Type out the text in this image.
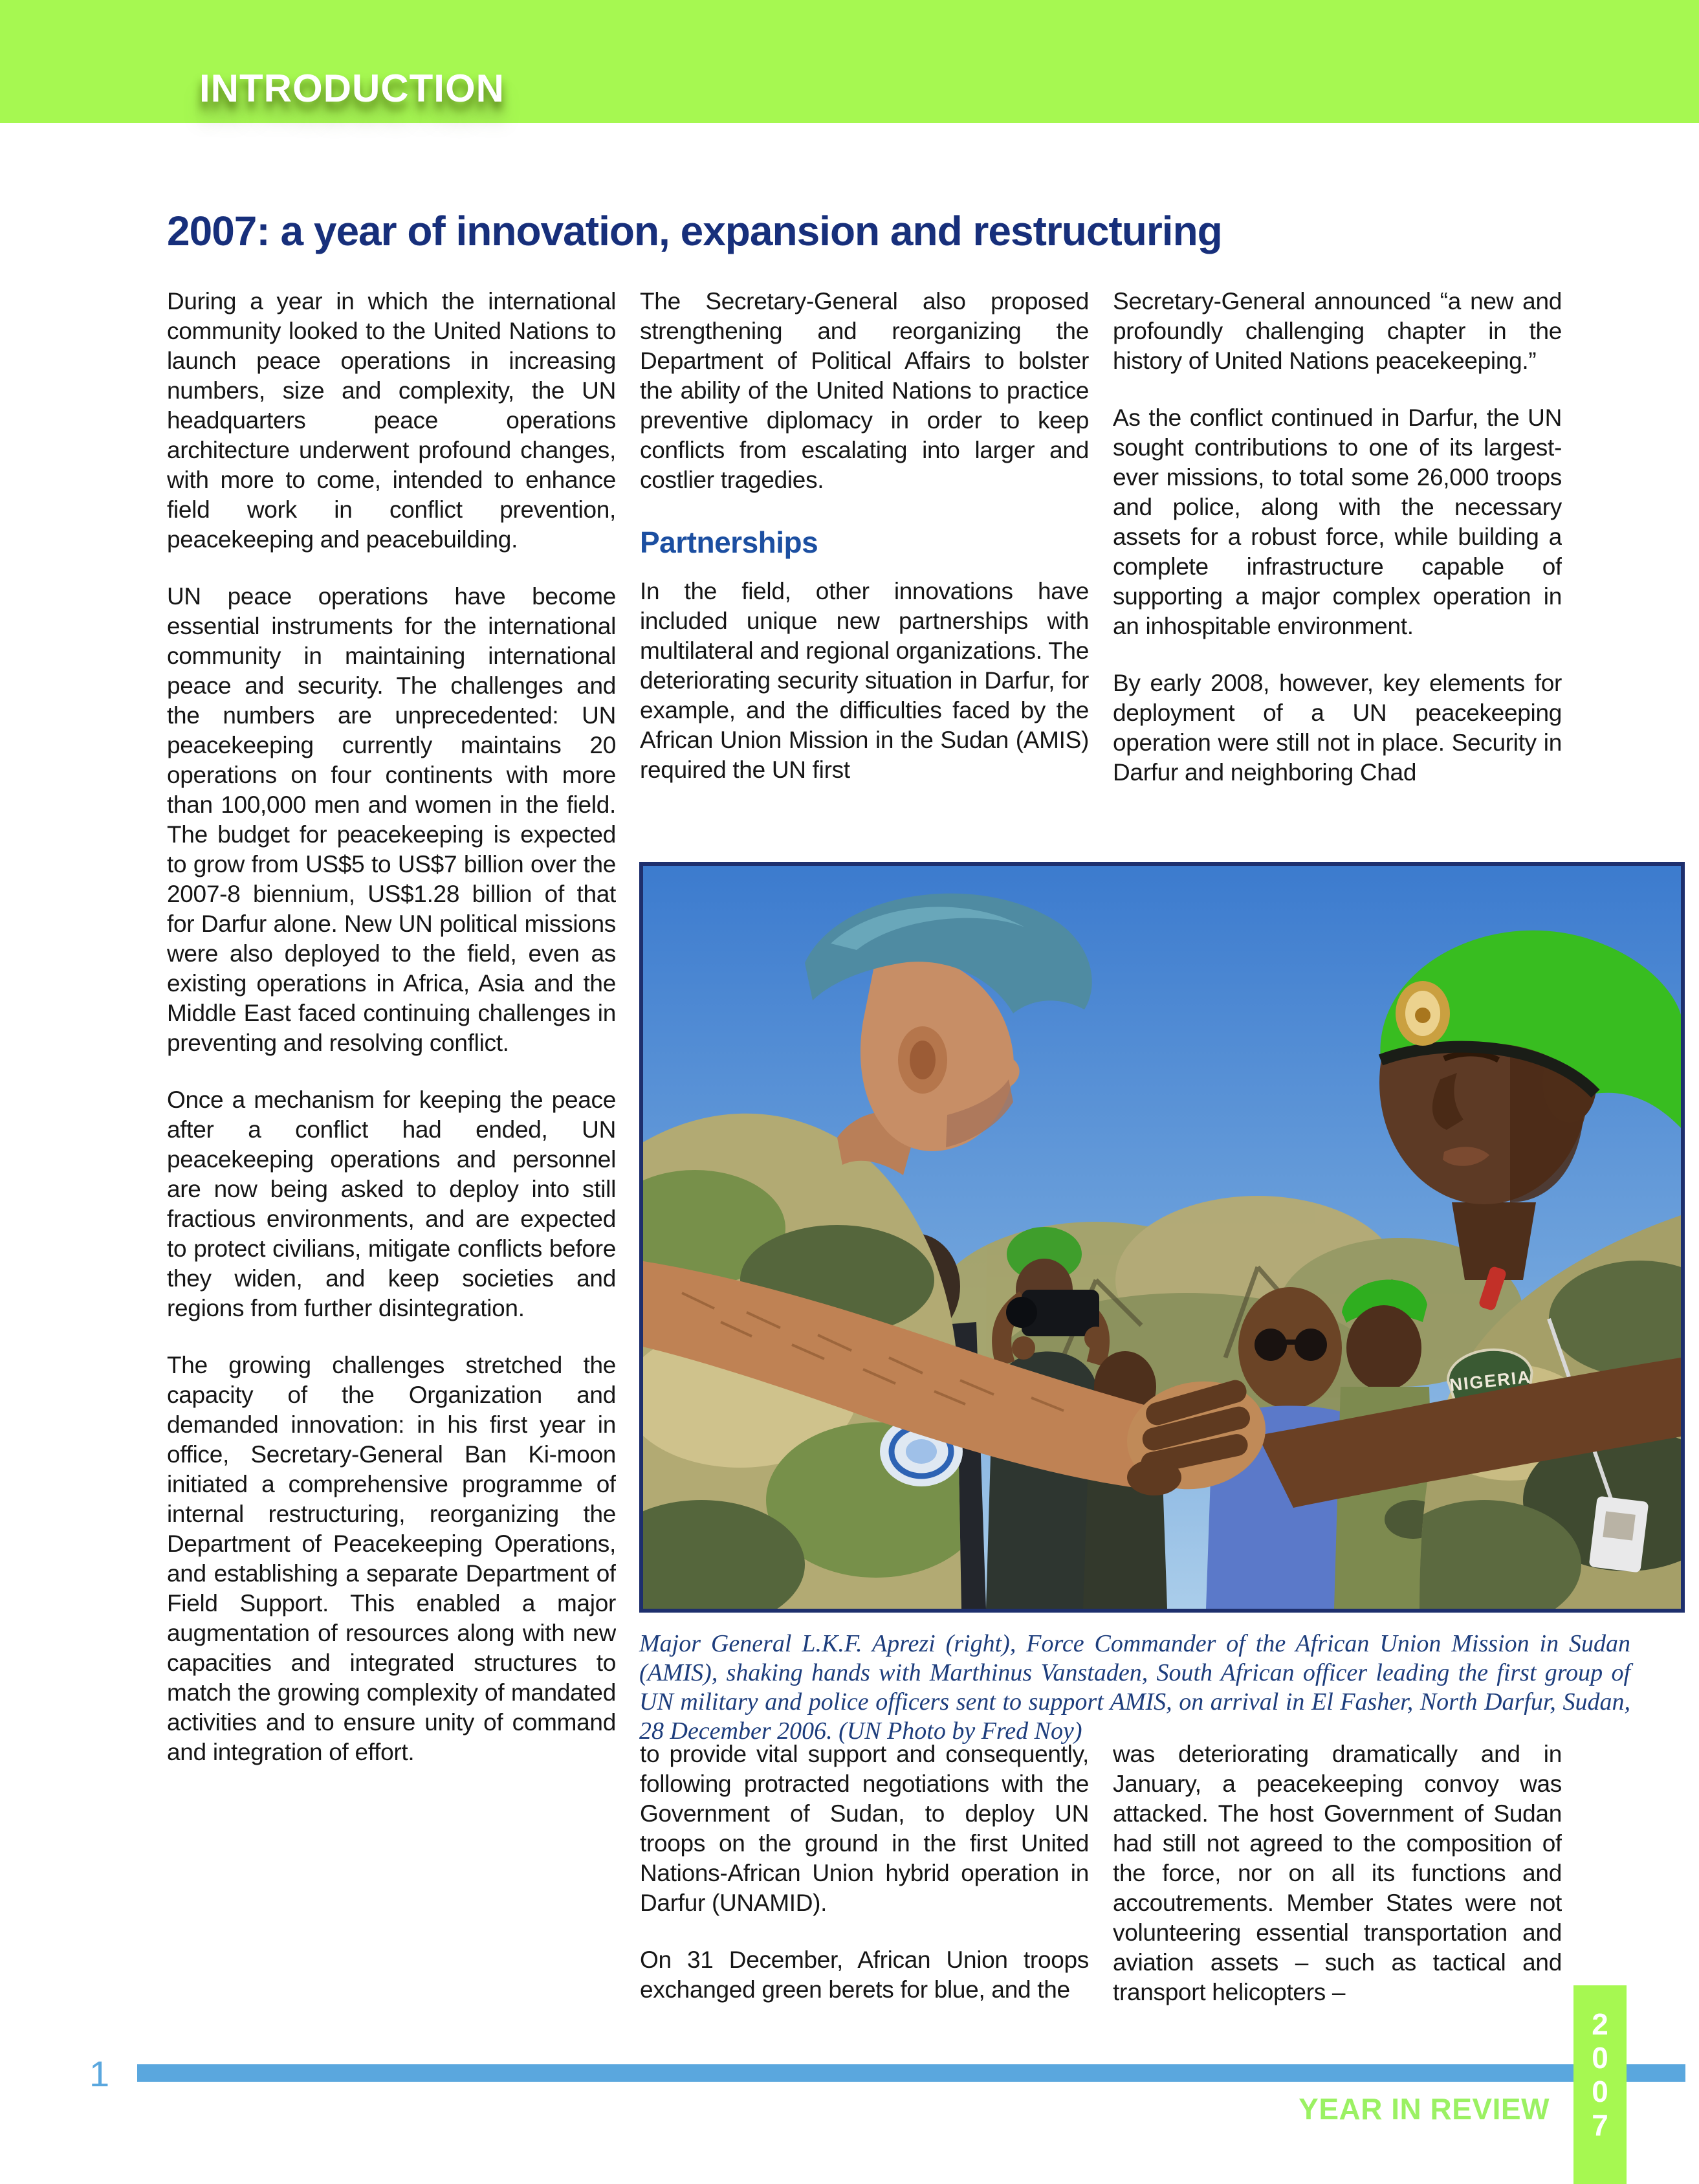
INTRODUCTION
2007: a year of innovation, expansion and restructuring

During a year in which the international community looked to the United Nations to launch peace operations in increasing numbers, size and complexity, the UN headquarters peace operations architecture underwent profound changes, with more to come, intended to enhance field work in conflict prevention, peacekeeping and peacebuilding.

UN peace operations have become essential instruments for the international community in maintaining international peace and security. The challenges and the numbers are unprecedented: UN peacekeeping currently maintains 20 operations on four continents with more than 100,000 men and women in the field. The budget for peacekeeping is expected to grow from US$5 to US$7 billion over the 2007-8 biennium, US$1.28 billion of that for Darfur alone. New UN political missions were also deployed to the field, even as existing operations in Africa, Asia and the Middle East faced continuing challenges in preventing and resolving conflict.

Once a mechanism for keeping the peace after a conflict had ended, UN peacekeeping operations and personnel are now being asked to deploy into still fractious environments, and are expected to protect civilians, mitigate conflicts before they widen, and keep societies and regions from further disintegration.

The growing challenges stretched the capacity of the Organization and demanded innovation: in his first year in office, Secretary-General Ban Ki-moon initiated a comprehensive programme of internal restructuring, reorganizing the Department of Peacekeeping Operations, and establishing a separate Department of Field Support. This enabled a major augmentation of resources along with new capacities and integrated structures to match the growing complexity of mandated activities and to ensure unity of command and integration of effort.

The Secretary-General also proposed strengthening and reorganizing the Department of Political Affairs to bolster the ability of the United Nations to practice preventive diplomacy in order to keep conflicts from escalating into larger and costlier tragedies.

Partnerships

In the field, other innovations have included unique new partnerships with multilateral and regional organizations. The deteriorating security situation in Darfur, for example, and the difficulties faced by the African Union Mission in the Sudan (AMIS) required the UN first

Secretary-General announced “a new and profoundly challenging chapter in the history of United Nations peacekeeping.”

As the conflict continued in Darfur, the UN sought contributions to one of its largest-ever missions, to total some 26,000 troops and police, along with the necessary assets for a robust force, while building a complete infrastructure capable of supporting a major complex operation in an inhospitable environment.

By early 2008, however, key elements for deployment of a UN peacekeeping operation were still not in place. Security in Darfur and neighboring Chad

NIGERIA

Major General L.K.F. Aprezi (right), Force Commander of the African Union Mission in Sudan (AMIS), shaking hands with Marthinus Vanstaden, South African officer leading the first group of UN military and police officers sent to support AMIS, on arrival in El Fasher, North Darfur, Sudan, 28 December 2006. (UN Photo by Fred Noy)

to provide vital support and consequently, following protracted negotiations with the Government of Sudan, to deploy UN troops on the ground in the first United Nations-African Union hybrid operation in Darfur (UNAMID).

On 31 December, African Union troops exchanged green berets for blue, and the

was deteriorating dramatically and in January, a peacekeeping convoy was attacked. The host Government of Sudan had still not agreed to the composition of the force, nor on all its functions and accoutrements. Member States were not volunteering essential transportation and aviation assets – such as tactical and transport helicopters –

1
YEAR IN REVIEW
2
0
0
7
